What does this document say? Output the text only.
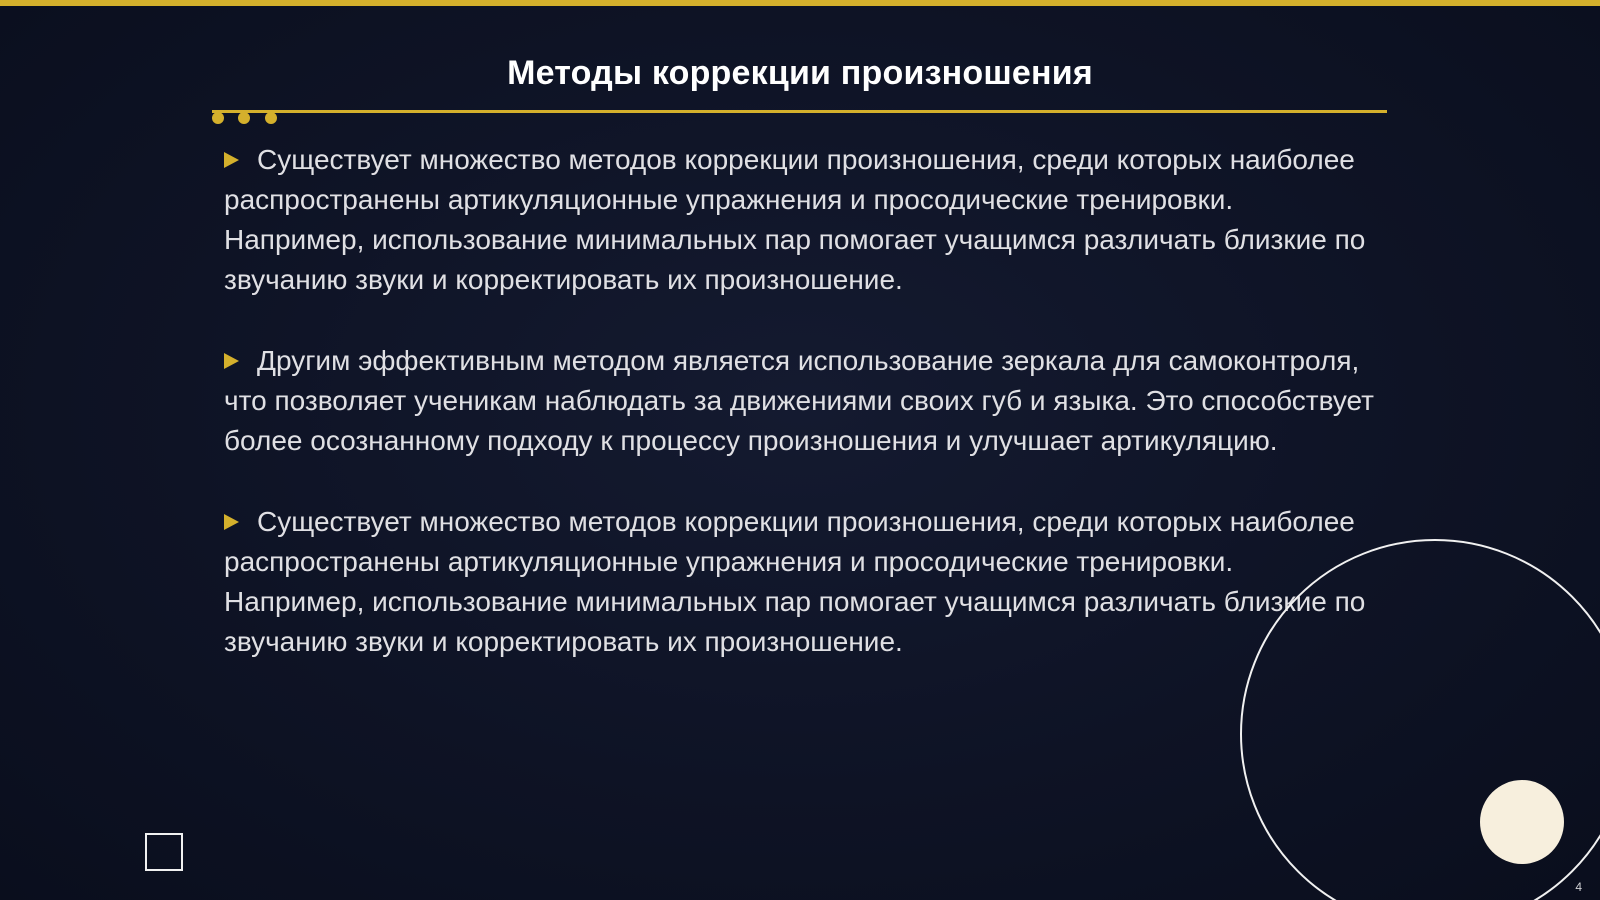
Методы коррекции произношения

Существует множество методов коррекции произношения, среди которых наиболее распространены артикуляционные упражнения и просодические тренировки. Например, использование минимальных пар помогает учащимся различать близкие по звучанию звуки и корректировать их произношение.

Другим эффективным методом является использование зеркала для самоконтроля, что позволяет ученикам наблюдать за движениями своих губ и языка. Это способствует более осознанному подходу к процессу произношения и улучшает артикуляцию.

Существует множество методов коррекции произношения, среди которых наиболее распространены артикуляционные упражнения и просодические тренировки. Например, использование минимальных пар помогает учащимся различать близкие по звучанию звуки и корректировать их произношение.

4
